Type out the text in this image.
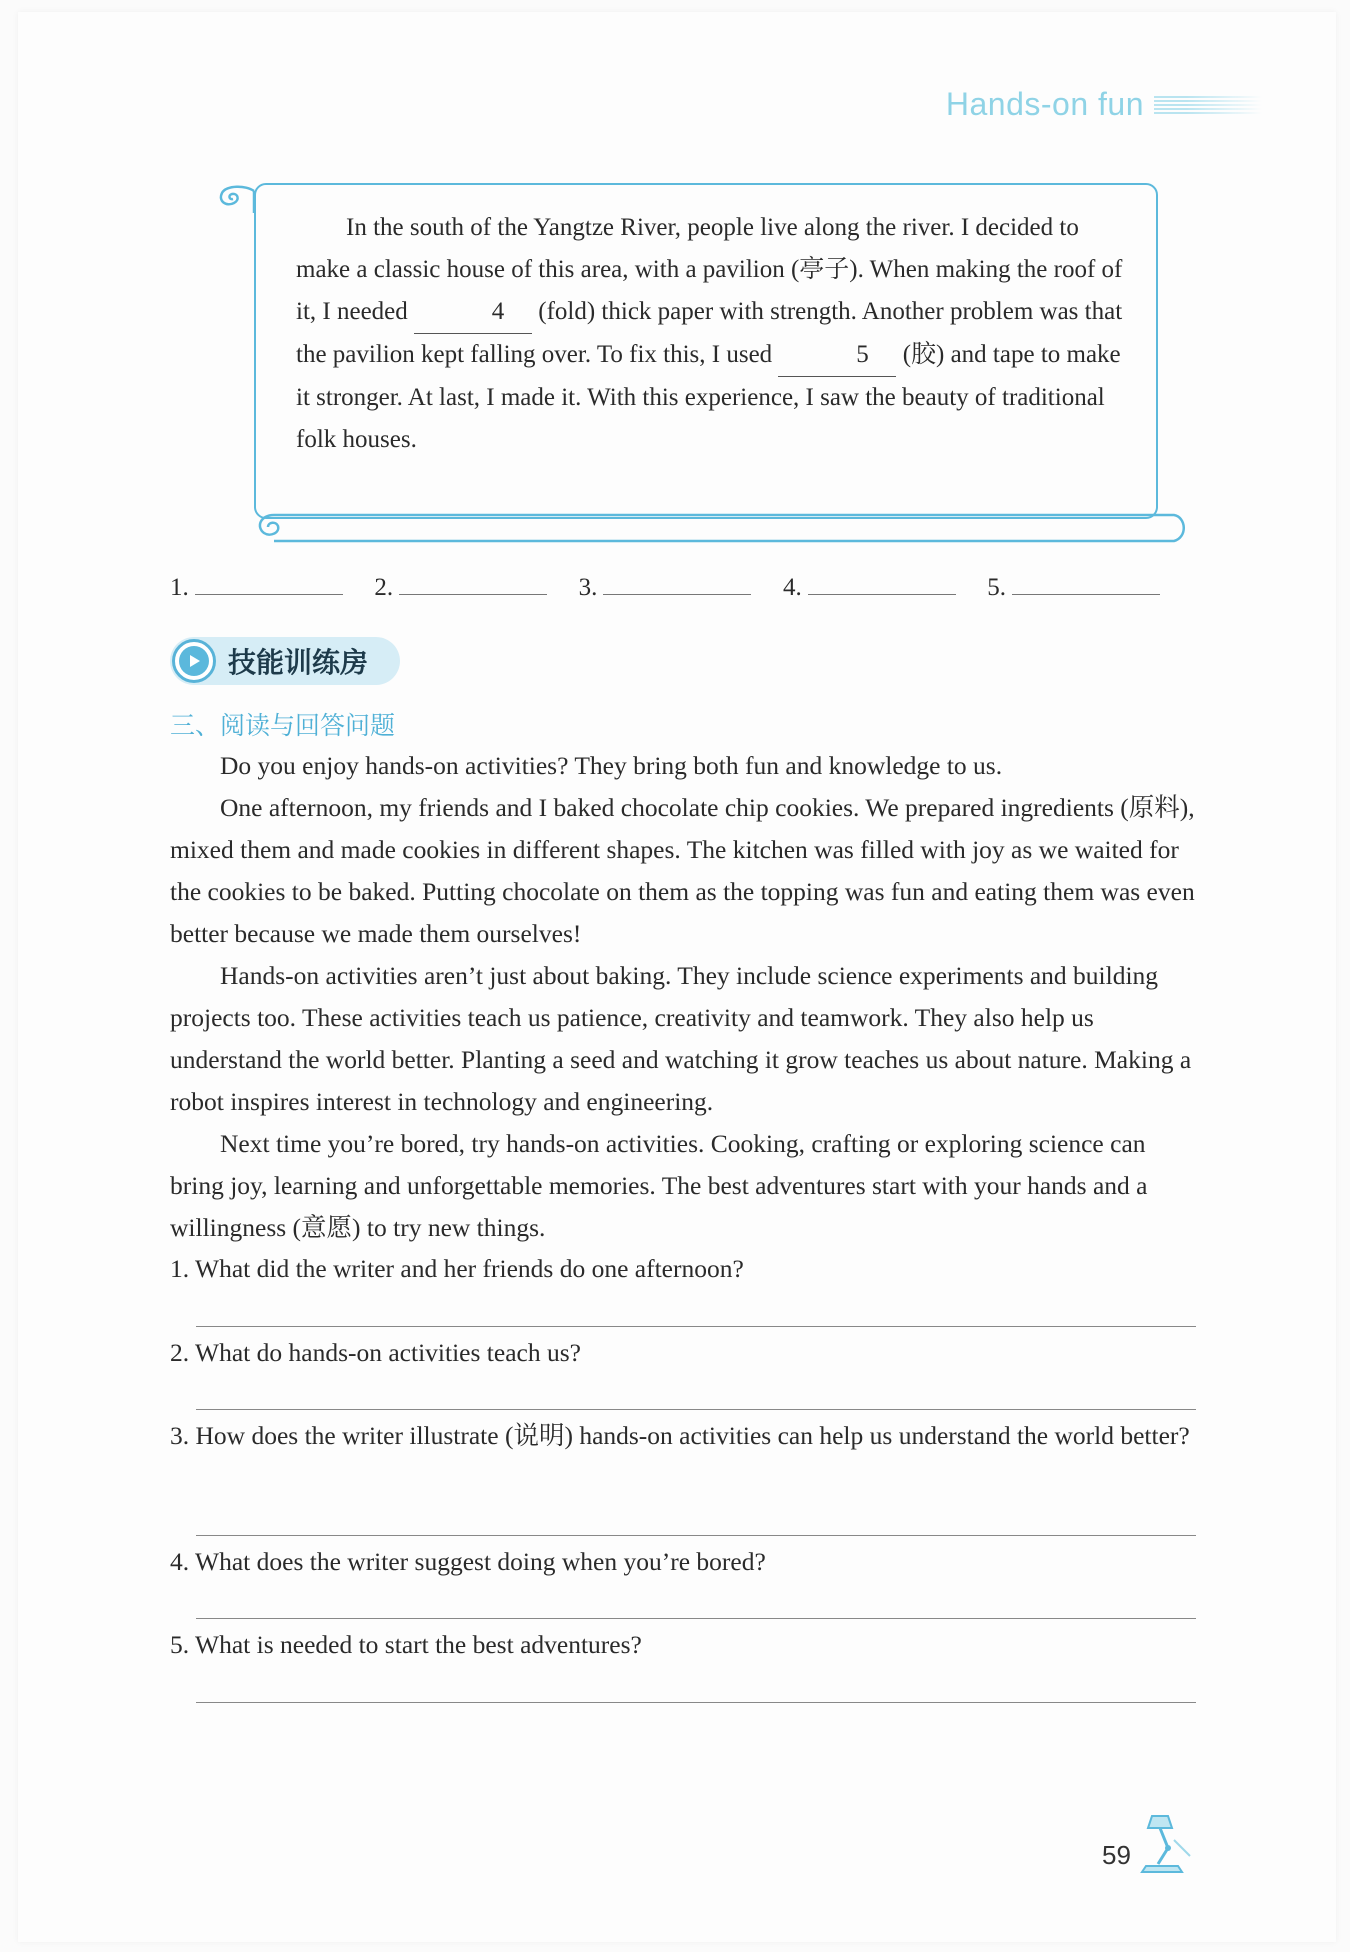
Hands-on fun

In the south of the Yangtze River, people live along the river. I decided to make a classic house of this area, with a pavilion (亭子). When making the roof of it, I needed	4 (fold) thick paper with strength. Another problem was that the pavilion kept falling over. To fix this, I used	5 (胶) and tape to make it stronger. At last, I made it. With this experience, I saw the beauty of traditional folk houses.

1.	2.	3.	4.	5.
技能训练房
三、阅读与回答问题

Do you enjoy hands-on activities? They bring both fun and knowledge to us.

One afternoon, my friends and I baked chocolate chip cookies. We prepared ingredients (原料), mixed them and made cookies in different shapes. The kitchen was filled with joy as we waited for the cookies to be baked. Putting chocolate on them as the topping was fun and eating them was even better because we made them ourselves!

Hands-on activities aren’t just about baking. They include science experiments and building projects too. These activities teach us patience, creativity and teamwork. They also help us understand the world better. Planting a seed and watching it grow teaches us about nature. Making a robot inspires interest in technology and engineering.

Next time you’re bored, try hands-on activities. Cooking, crafting or exploring science can bring joy, learning and unforgettable memories. The best adventures start with your hands and a willingness (意愿) to try new things.

1. What did the writer and her friends do one afternoon?
2. What do hands-on activities teach us?
3. How does the writer illustrate (说明) hands-on activities can help us understand the world better?
4. What does the writer suggest doing when you’re bored?
5. What is needed to start the best adventures?
59
